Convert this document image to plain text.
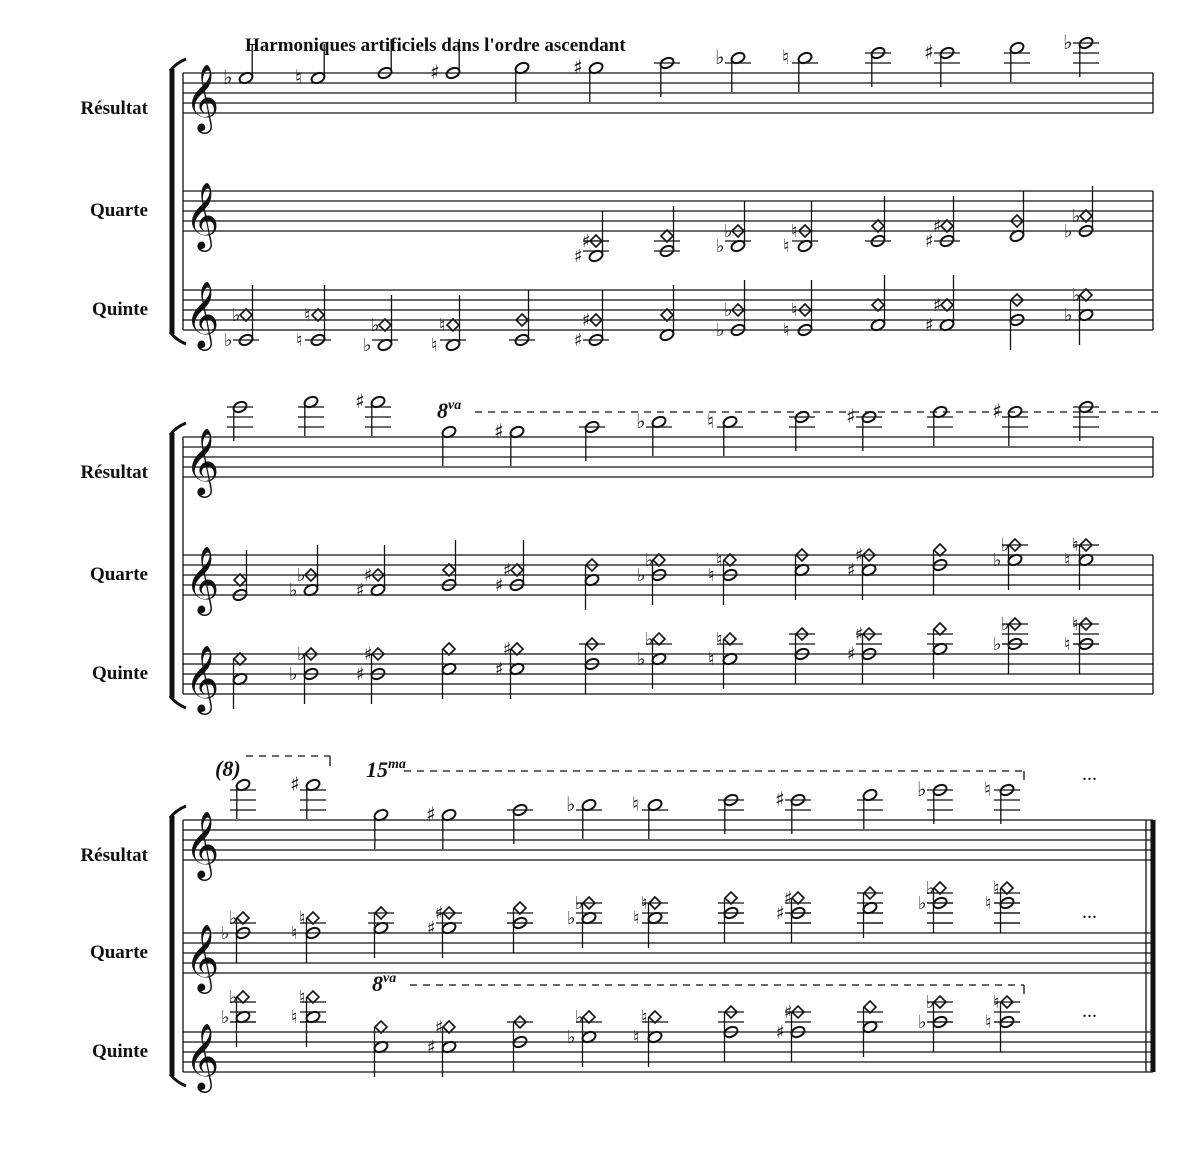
Harmoniques artificiels dans l'ordre ascendant
𝄞
𝄞
𝄞
Résultat
Quarte
Quinte
𝄞
𝄞
𝄞
Résultat
Quarte
Quinte
𝄞
𝄞
𝄞
Résultat
Quarte
Quinte
♭	♮	♯	♯	♭	♮	♯	♭
♯
♯	♭
♭
♮
♮	♯
♯	♭
♭
♭
♭
♮
♮
♭
♭
♮
♮
♯
♯	♭
♭
♮
♮
♯
♯	♭
♭
♯
♯	♭	♮	♯	♯
$8^{va}$
♭
♭
♯
♯	♯
♯	♭
♭
♮
♮	♯
♯	♭
♭
♮
♮
♭
♭
♯
♯
♯
♯	♭
♭
♮
♮
♯
♯	♭
♭
♮
♮
♯
♯	♭	♮	♯	♭	♮
(8)	$15^{ma}$
♭
♭
♮
♮	♯
♯	♭
♭
♮
♮	♯
♯	♭
♭
♮
♮
$8^{va}$
♭
♭
♮
♮
♯
♯	♭
♭
♮
♮
♯
♯	♭
♭
♮
♮
...
...
...
